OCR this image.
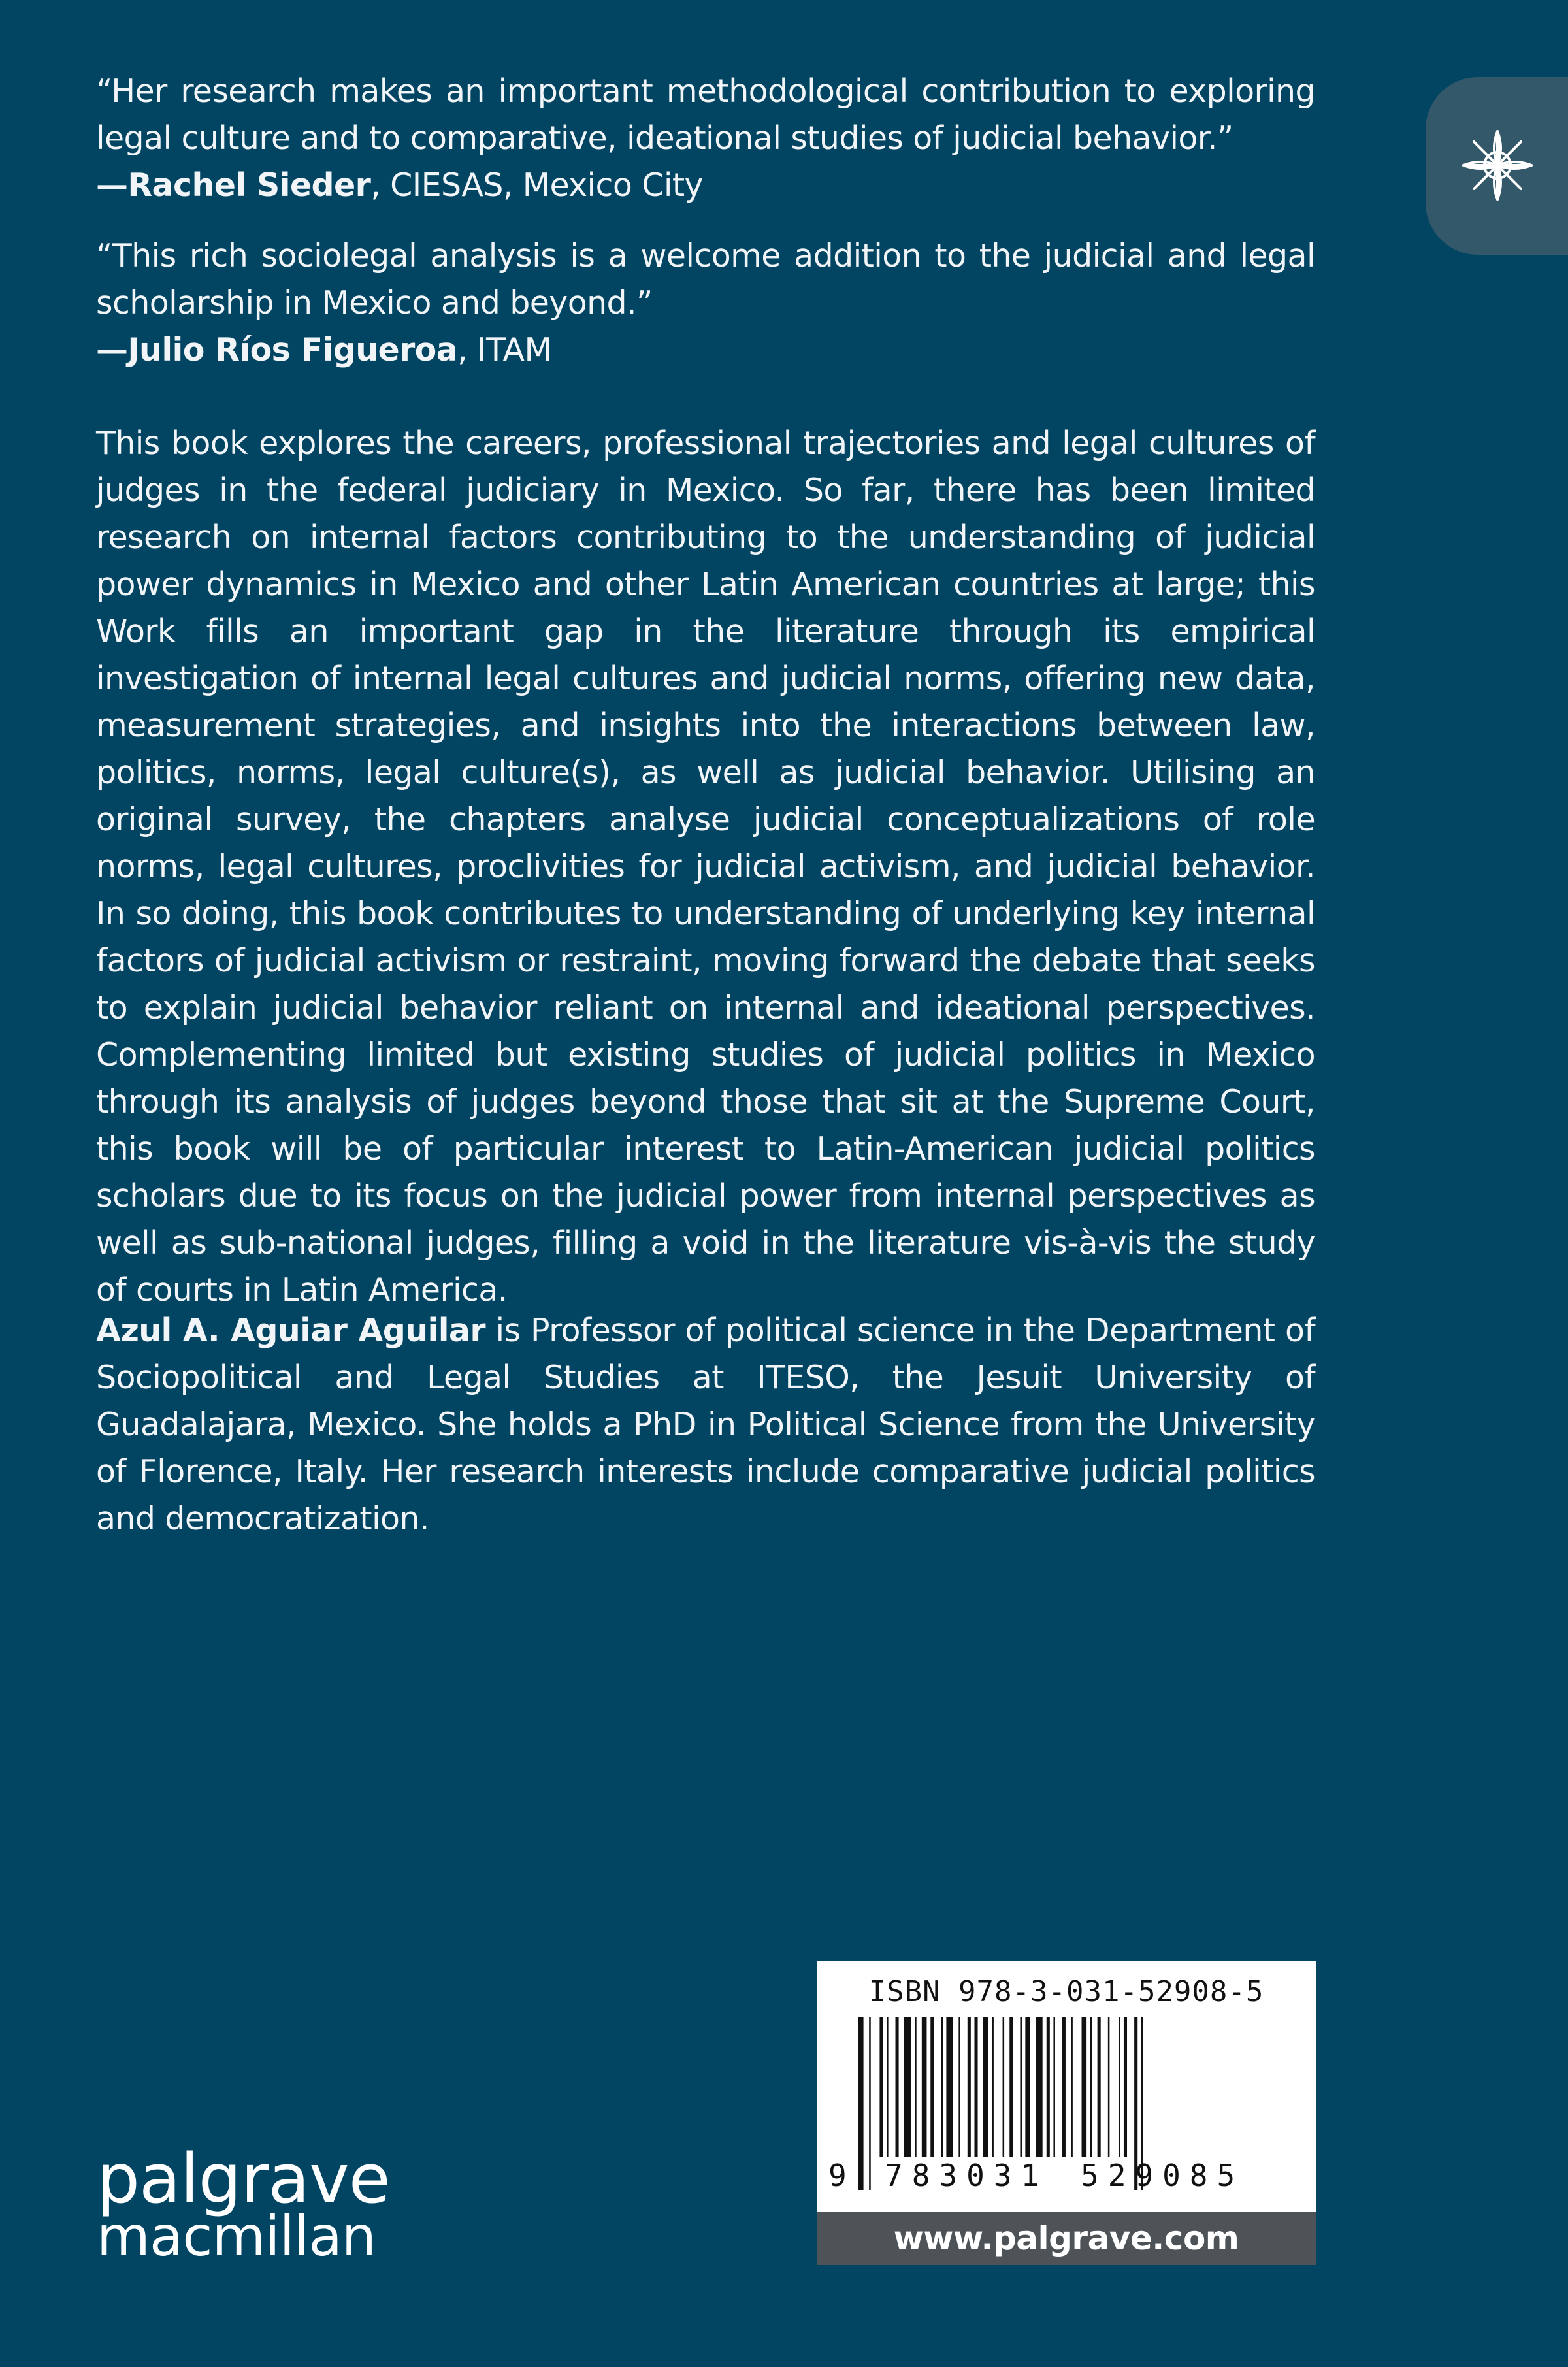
“Her research makes an important methodological contribution to exploring legal culture and to comparative, ideational studies of judicial behavior.”

—Rachel Sieder, CIESAS, Mexico City

“This rich sociolegal analysis is a welcome addition to the judicial and legal scholarship in Mexico and beyond.”

—Julio Ríos Figueroa, ITAM

This book explores the careers, professional trajectories and legal cultures of judges in the federal judiciary in Mexico. So far, there has been limited research on internal factors contributing to the understanding of judicial power dynamics in Mexico and other Latin American countries at large; this Work fills an important gap in the literature through its empirical investigation of internal legal cultures and judicial norms, offering new data, measurement strategies, and insights into the interactions between law, politics, norms, legal culture(s), as well as judicial behavior. Utilising an original survey, the chapters analyse judicial conceptualizations of role norms, legal cultures, proclivities for judicial activism, and judicial behavior. In so doing, this book contributes to understanding of underlying key internal factors of judicial activism or restraint, moving forward the debate that seeks to explain judicial behavior reliant on internal and ideational perspectives. Complementing limited but existing studies of judicial politics in Mexico through its analysis of judges beyond those that sit at the Supreme Court, this book will be of particular interest to Latin-American judicial politics scholars due to its focus on the judicial power from internal perspectives as well as sub-national judges, filling a void in the literature vis-à-vis the study of courts in Latin America.

Azul A. Aguiar Aguilar is Professor of political science in the Department of Sociopolitical and Legal Studies at ITESO, the Jesuit University of Guadalajara, Mexico. She holds a PhD in Political Science from the University of Florence, Italy. Her research interests include comparative judicial politics and democratization.

palgrave
macmillan
ISBN 978-3-031-52908-5
9 783031 529085
www.palgrave.com
